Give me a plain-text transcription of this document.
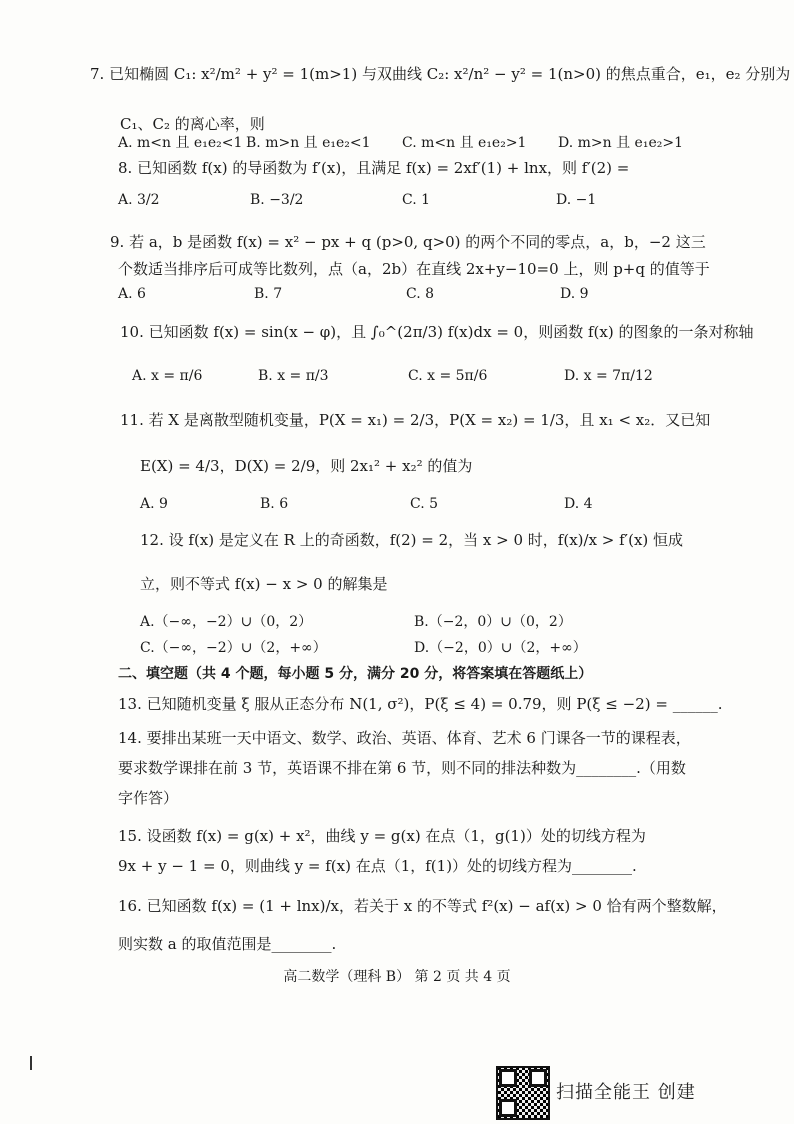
7. 已知椭圆 C₁: x²/m² + y² = 1(m>1) 与双曲线 C₂: x²/n² − y² = 1(n>0) 的焦点重合，e₁，e₂ 分别为
C₁、C₂ 的离心率，则
A. m<n 且 e₁e₂<1 B. m>n 且 e₁e₂<1 C. m<n 且 e₁e₂>1 D. m>n 且 e₁e₂>1
8. 已知函数 f(x) 的导函数为 f′(x)，且满足 f(x) = 2xf′(1) + lnx，则 f′(2) =
A. 3/2	B. −3/2	C. 1	D. −1
9. 若 a，b 是函数 f(x) = x² − px + q (p>0, q>0) 的两个不同的零点，a，b，−2 这三
个数适当排序后可成等比数列，点（a，2b）在直线 2x+y−10=0 上，则 p+q 的值等于
A. 6	B. 7	C. 8	D. 9
10. 已知函数 f(x) = sin(x − φ)，且 ∫₀^(2π/3) f(x)dx = 0，则函数 f(x) 的图象的一条对称轴
A. x = π/6	B. x = π/3	C. x = 5π/6	D. x = 7π/12
11. 若 X 是离散型随机变量，P(X = x₁) = 2/3，P(X = x₂) = 1/3，且 x₁ < x₂．又已知
E(X) = 4/3，D(X) = 2/9，则 2x₁² + x₂² 的值为
A. 9	B. 6	C. 5	D. 4
12. 设 f(x) 是定义在 R 上的奇函数，f(2) = 2，当 x > 0 时，f(x)/x > f′(x) 恒成
立，则不等式 f(x) − x > 0 的解集是
A.（−∞，−2）∪（0，2）	B.（−2，0）∪（0，2）
C.（−∞，−2）∪（2，+∞）	D.（−2，0）∪（2，+∞）
二、填空题（共 4 个题，每小题 5 分，满分 20 分，将答案填在答题纸上）
13. 已知随机变量 ξ 服从正态分布 N(1, σ²)，P(ξ ≤ 4) = 0.79，则 P(ξ ≤ −2) = ______.
14. 要排出某班一天中语文、数学、政治、英语、体育、艺术 6 门课各一节的课程表，
要求数学课排在前 3 节，英语课不排在第 6 节，则不同的排法种数为________.（用数
字作答）
15. 设函数 f(x) = g(x) + x²，曲线 y = g(x) 在点（1，g(1)）处的切线方程为
9x + y − 1 = 0，则曲线 y = f(x) 在点（1，f(1)）处的切线方程为________.
16. 已知函数 f(x) = (1 + lnx)/x，若关于 x 的不等式 f²(x) − af(x) > 0 恰有两个整数解，
则实数 a 的取值范围是________.
高二数学（理科 B） 第 2 页 共 4 页
扫描全能王 创建
